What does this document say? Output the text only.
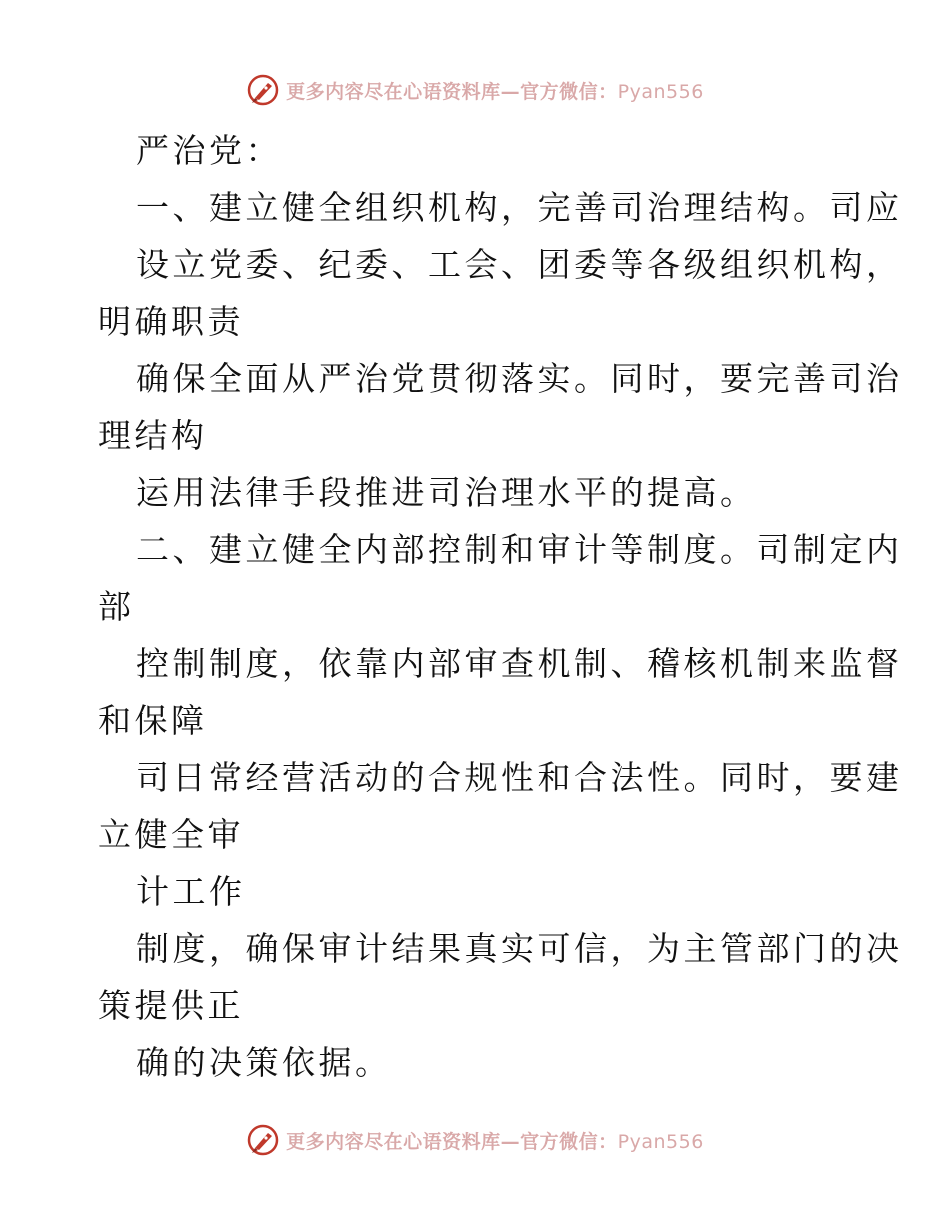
更多内容尽在心语资料库—官方微信：Pyan556
严治党：
一、建立健全组织机构，完善司治理结构。司应
设立党委、纪委、工会、团委等各级组织机构，
明确职责
确保全面从严治党贯彻落实。同时，要完善司治
理结构
运用法律手段推进司治理水平的提高。
二、建立健全内部控制和审计等制度。司制定内
部
控制制度，依靠内部审查机制、稽核机制来监督
和保障
司日常经营活动的合规性和合法性。同时，要建
立健全审
计工作
制度，确保审计结果真实可信，为主管部门的决
策提供正
确的决策依据。
更多内容尽在心语资料库—官方微信：Pyan556
